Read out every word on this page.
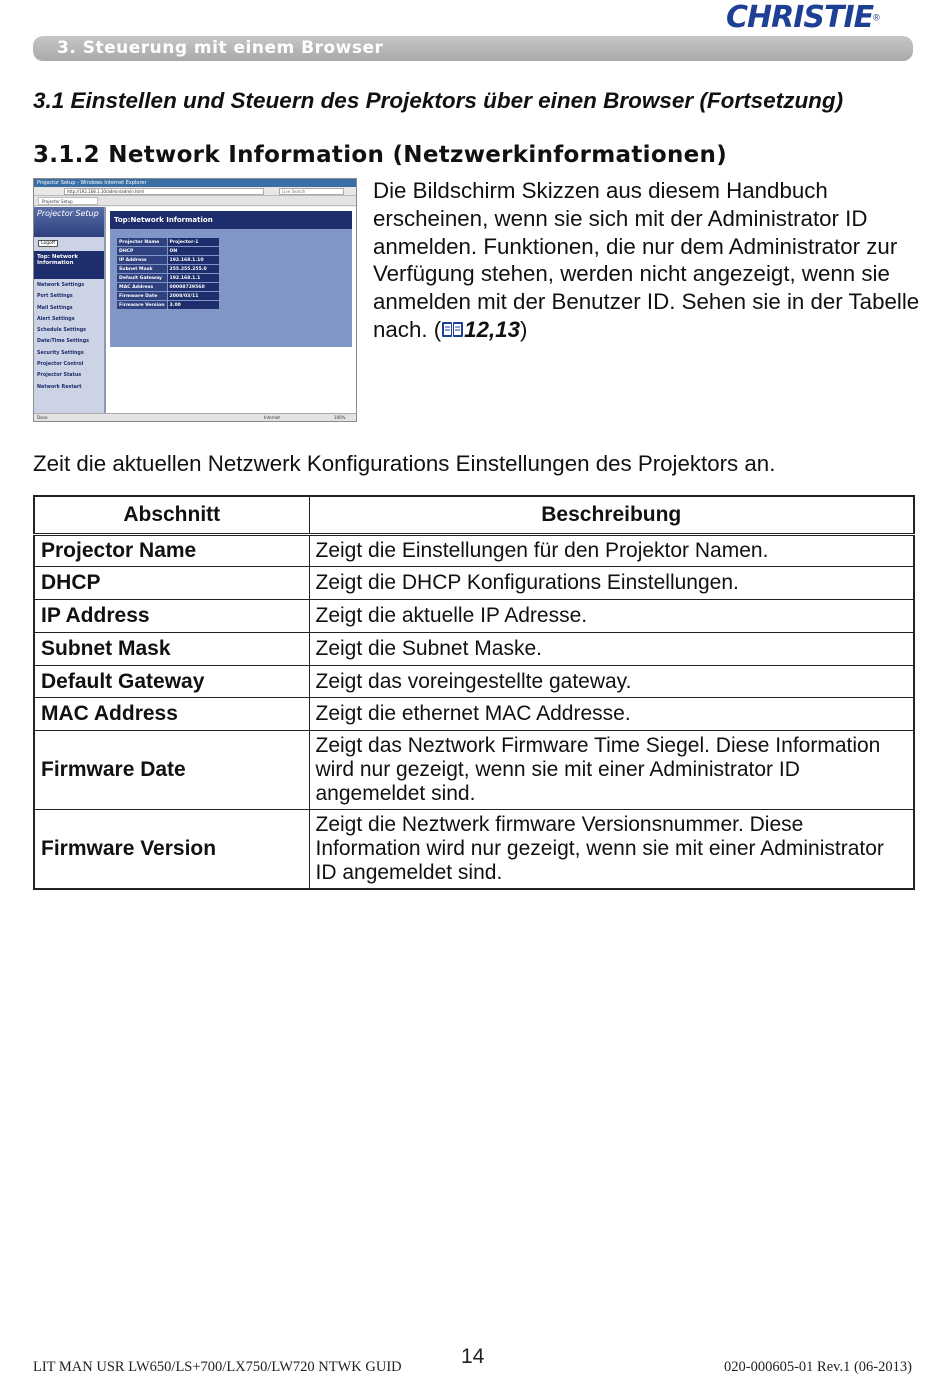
CHRISTIE®
3. Steuerung mit einem Browser
3.1 Einstellen und Steuern des Projektors über einen Browser (Fortsetzung)
3.1.2 Network Information (Netzwerkinformationen)
Projector Setup - Windows Internet Explorer
http://192.168.1.10/admin/admin.html	Live Search
Projector Setup
Projector Setup
Logoff
Top: Network Information
Network Settings
Port Settings
Mail Settings
Alert Settings
Schedule Settings
Date/Time Settings
Security Settings
Projector Control
Projector Status
Network Restart
Top:Network Information
Projector Name	Projector-1
DHCP	ON
IP Address	192.168.1.10
Subnet Mask	255.255.255.0
Default Gateway	192.168.1.1
MAC Address	00008729560
Firmware Date	2008/03/11
Firmware Version	3.00
Done	Internet	100%
Die Bildschirm Skizzen aus diesem Handbuch erscheinen, wenn sie sich mit der Administrator ID anmelden. Funktionen, die nur dem Administrator zur Verfügung stehen, werden nicht angezeigt, wenn sie anmelden mit der Benutzer ID. Sehen sie in der Tabelle nach. ( 12,13)
Zeit die aktuellen Netzwerk Konfigurations Einstellungen des Projektors an.
Abschnitt	Beschreibung
Projector Name	Zeigt die Einstellungen für den Projektor Namen.
DHCP	Zeigt die DHCP Konfigurations Einstellungen.
IP Address	Zeigt die aktuelle IP Adresse.
Subnet Mask	Zeigt die Subnet Maske.
Default Gateway	Zeigt das voreingestellte gateway.
MAC Address	Zeigt die ethernet MAC Addresse.
Firmware Date	Zeigt das Neztwork Firmware Time Siegel. Diese Information wird nur gezeigt, wenn sie mit einer Administrator ID angemeldet sind.
Firmware Version	Zeigt die Neztwerk firmware Versionsnummer. Diese Information wird nur gezeigt, wenn sie mit einer Administrator ID angemeldet sind.
LIT MAN USR LW650/LS+700/LX750/LW720 NTWK GUID	14	020-000605-01 Rev.1 (06-2013)
